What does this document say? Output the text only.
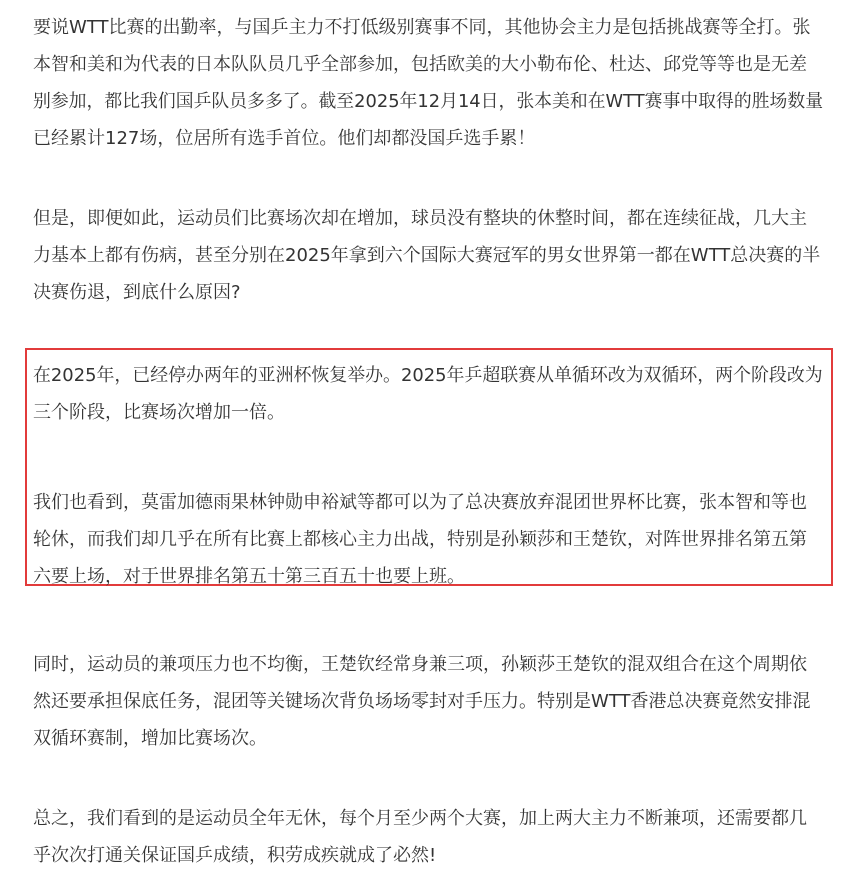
要说WTT比赛的出勤率，与国乒主力不打低级别赛事不同，其他协会主力是包括挑战赛等全打。张
本智和美和为代表的日本队队员几乎全部参加，包括欧美的大小勒布伦、杜达、邱党等等也是无差
别参加，都比我们国乒队员多多了。截至2025年12月14日，张本美和在WTT赛事中取得的胜场数量
已经累计127场，位居所有选手首位。他们却都没国乒选手累！

但是，即便如此，运动员们比赛场次却在增加，球员没有整块的休整时间，都在连续征战，几大主
力基本上都有伤病，甚至分别在2025年拿到六个国际大赛冠军的男女世界第一都在WTT总决赛的半
决赛伤退，到底什么原因?

在2025年，已经停办两年的亚洲杯恢复举办。2025年乒超联赛从单循环改为双循环，两个阶段改为
三个阶段，比赛场次增加一倍。

我们也看到，莫雷加德雨果林钟勋申裕斌等都可以为了总决赛放弃混团世界杯比赛，张本智和等也
轮休，而我们却几乎在所有比赛上都核心主力出战，特别是孙颖莎和王楚钦，对阵世界排名第五第
六要上场，对于世界排名第五十第三百五十也要上班。

同时，运动员的兼项压力也不均衡，王楚钦经常身兼三项，孙颖莎王楚钦的混双组合在这个周期依
然还要承担保底任务，混团等关键场次背负场场零封对手压力。特别是WTT香港总决赛竟然安排混
双循环赛制，增加比赛场次。

总之，我们看到的是运动员全年无休，每个月至少两个大赛，加上两大主力不断兼项，还需要都几
乎次次打通关保证国乒成绩，积劳成疾就成了必然!
